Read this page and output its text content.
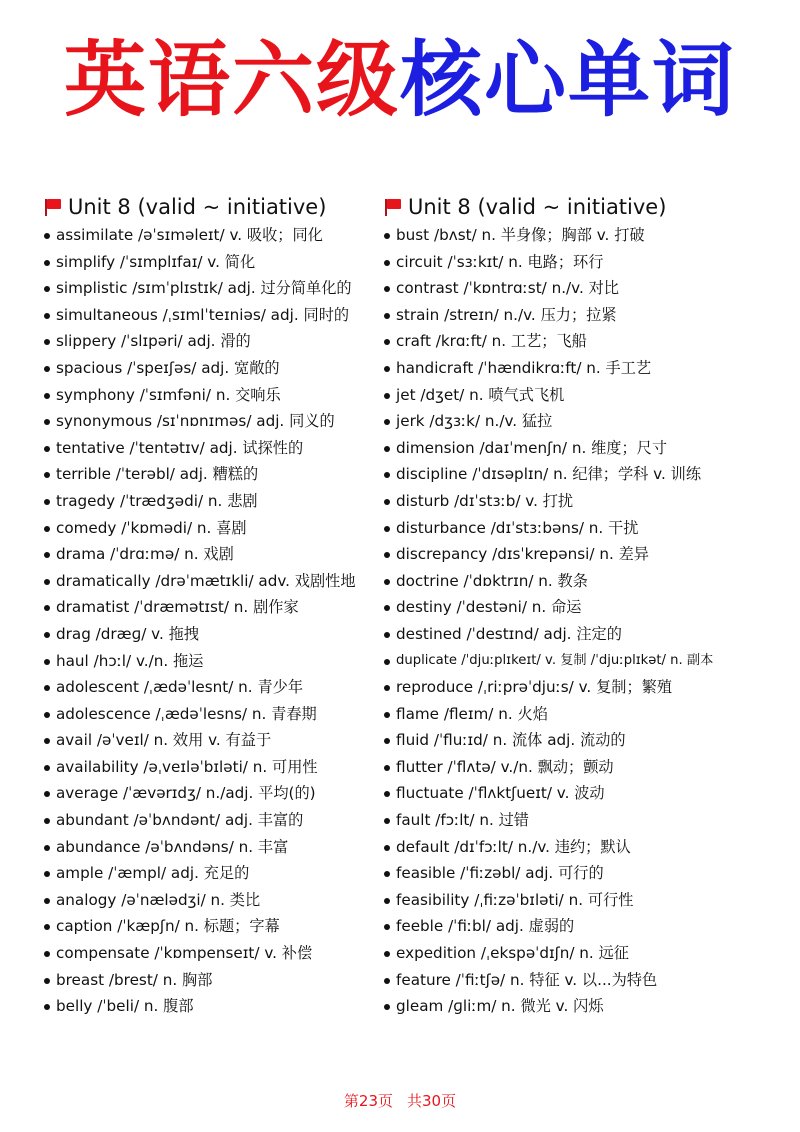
英语六级核心单词
Unit 8 (valid ~ initiative)
assimilate /əˈsɪməleɪt/ v. 吸收；同化
simplify /ˈsɪmplɪfaɪ/ v. 简化
simplistic /sɪmˈplɪstɪk/ adj. 过分简单化的
simultaneous /ˌsɪmlˈteɪniəs/ adj. 同时的
slippery /ˈslɪpəri/ adj. 滑的
spacious /ˈspeɪʃəs/ adj. 宽敞的
symphony /ˈsɪmfəni/ n. 交响乐
synonymous /sɪˈnɒnɪməs/ adj. 同义的
tentative /ˈtentətɪv/ adj. 试探性的
terrible /ˈterəbl/ adj. 糟糕的
tragedy /ˈtrædʒədi/ n. 悲剧
comedy /ˈkɒmədi/ n. 喜剧
drama /ˈdrɑːmə/ n. 戏剧
dramatically /drəˈmætɪkli/ adv. 戏剧性地
dramatist /ˈdræmətɪst/ n. 剧作家
drag /dræɡ/ v. 拖拽
haul /hɔːl/ v./n. 拖运
adolescent /ˌædəˈlesnt/ n. 青少年
adolescence /ˌædəˈlesns/ n. 青春期
avail /əˈveɪl/ n. 效用 v. 有益于
availability /əˌveɪləˈbɪləti/ n. 可用性
average /ˈævərɪdʒ/ n./adj. 平均(的)
abundant /əˈbʌndənt/ adj. 丰富的
abundance /əˈbʌndəns/ n. 丰富
ample /ˈæmpl/ adj. 充足的
analogy /əˈnælədʒi/ n. 类比
caption /ˈkæpʃn/ n. 标题；字幕
compensate /ˈkɒmpenseɪt/ v. 补偿
breast /brest/ n. 胸部
belly /ˈbeli/ n. 腹部
Unit 8 (valid ~ initiative)
bust /bʌst/ n. 半身像；胸部 v. 打破
circuit /ˈsɜːkɪt/ n. 电路；环行
contrast /ˈkɒntrɑːst/ n./v. 对比
strain /streɪn/ n./v. 压力；拉紧
craft /krɑːft/ n. 工艺；飞船
handicraft /ˈhændikrɑːft/ n. 手工艺
jet /dʒet/ n. 喷气式飞机
jerk /dʒɜːk/ n./v. 猛拉
dimension /daɪˈmenʃn/ n. 维度；尺寸
discipline /ˈdɪsəplɪn/ n. 纪律；学科 v. 训练
disturb /dɪˈstɜːb/ v. 打扰
disturbance /dɪˈstɜːbəns/ n. 干扰
discrepancy /dɪsˈkrepənsi/ n. 差异
doctrine /ˈdɒktrɪn/ n. 教条
destiny /ˈdestəni/ n. 命运
destined /ˈdestɪnd/ adj. 注定的
duplicate /ˈdjuːplɪkeɪt/ v. 复制 /ˈdjuːplɪkət/ n. 副本
reproduce /ˌriːprəˈdjuːs/ v. 复制；繁殖
flame /fleɪm/ n. 火焰
fluid /ˈfluːɪd/ n. 流体 adj. 流动的
flutter /ˈflʌtə/ v./n. 飘动；颤动
fluctuate /ˈflʌktʃueɪt/ v. 波动
fault /fɔːlt/ n. 过错
default /dɪˈfɔːlt/ n./v. 违约；默认
feasible /ˈfiːzəbl/ adj. 可行的
feasibility /ˌfiːzəˈbɪləti/ n. 可行性
feeble /ˈfiːbl/ adj. 虚弱的
expedition /ˌekspəˈdɪʃn/ n. 远征
feature /ˈfiːtʃə/ n. 特征 v. 以...为特色
gleam /ɡliːm/ n. 微光 v. 闪烁
第23页 共30页
